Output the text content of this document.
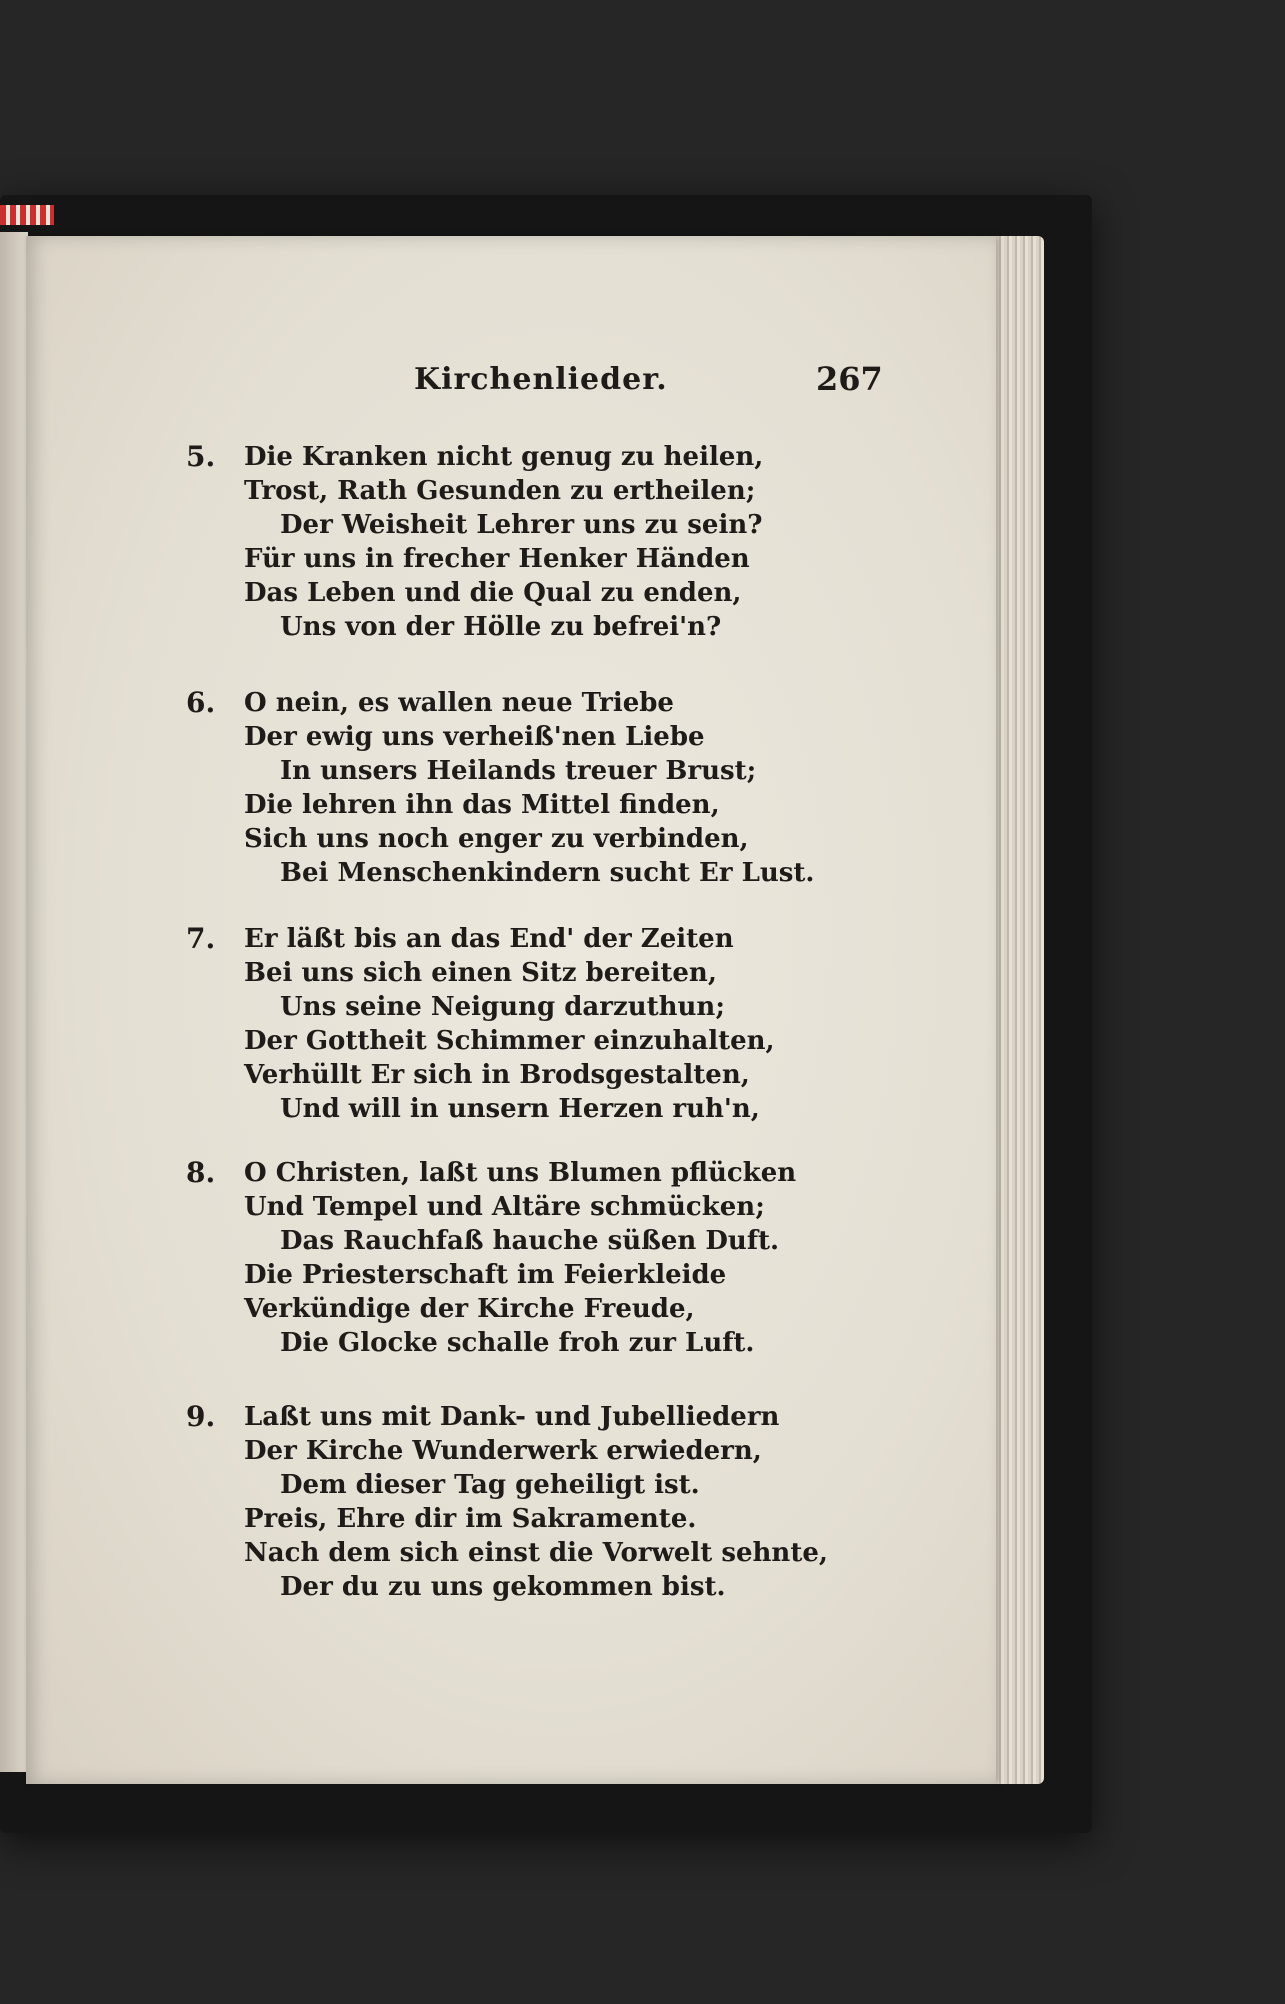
Kirchenlieder.	267
5. Die Kranken nicht genug zu heilen,
Trost, Rath Gesunden zu ertheilen;
Der Weisheit Lehrer uns zu sein?
Für uns in frecher Henker Händen
Das Leben und die Qual zu enden,
Uns von der Hölle zu befrei'n?
6. O nein, es wallen neue Triebe
Der ewig uns verheiß'nen Liebe
In unsers Heilands treuer Brust;
Die lehren ihn das Mittel finden,
Sich uns noch enger zu verbinden,
Bei Menschenkindern sucht Er Lust.
7. Er läßt bis an das End' der Zeiten
Bei uns sich einen Sitz bereiten,
Uns seine Neigung darzuthun;
Der Gottheit Schimmer einzuhalten,
Verhüllt Er sich in Brodsgestalten,
Und will in unsern Herzen ruh'n,
8. O Christen, laßt uns Blumen pflücken
Und Tempel und Altäre schmücken;
Das Rauchfaß hauche süßen Duft.
Die Priesterschaft im Feierkleide
Verkündige der Kirche Freude,
Die Glocke schalle froh zur Luft.
9. Laßt uns mit Dank- und Jubelliedern
Der Kirche Wunderwerk erwiedern,
Dem dieser Tag geheiligt ist.
Preis, Ehre dir im Sakramente.
Nach dem sich einst die Vorwelt sehnte,
Der du zu uns gekommen bist.
